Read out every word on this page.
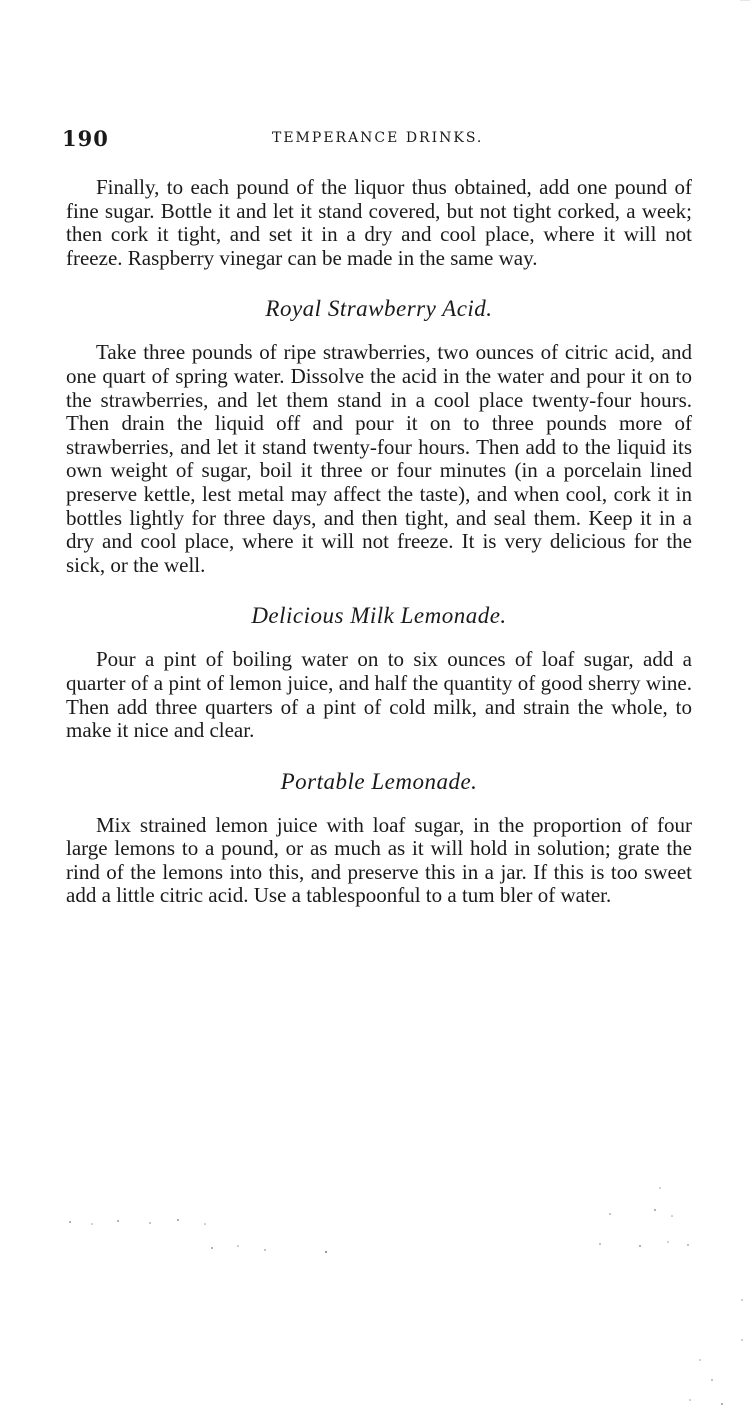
190	TEMPERANCE DRINKS.

Finally, to each pound of the liquor thus obtained, add one pound of fine sugar. Bottle it and let it stand covered, but not tight corked, a week; then cork it tight, and set it in a dry and cool place, where it will not freeze. Raspberry vinegar can be made in the same way.

Royal Strawberry Acid.

Take three pounds of ripe strawberries, two ounces of citric acid, and one quart of spring water. Dissolve the acid in the water and pour it on to the strawberries, and let them stand in a cool place twenty-four hours. Then drain the liquid off and pour it on to three pounds more of strawberries, and let it stand twenty-four hours. Then add to the liquid its own weight of sugar, boil it three or four minutes (in a porcelain lined preserve kettle, lest metal may affect the taste), and when cool, cork it in bottles lightly for three days, and then tight, and seal them. Keep it in a dry and cool place, where it will not freeze. It is very delicious for the sick, or the well.

Delicious Milk Lemonade.

Pour a pint of boiling water on to six ounces of loaf sugar, add a quarter of a pint of lemon juice, and half the quantity of good sherry wine. Then add three quarters of a pint of cold milk, and strain the whole, to make it nice and clear.

Portable Lemonade.

Mix strained lemon juice with loaf sugar, in the proportion of four large lemons to a pound, or as much as it will hold in solution; grate the rind of the lemons into this, and preserve this in a jar. If this is too sweet add a little citric acid. Use a tablespoonful to a tum bler of water.
